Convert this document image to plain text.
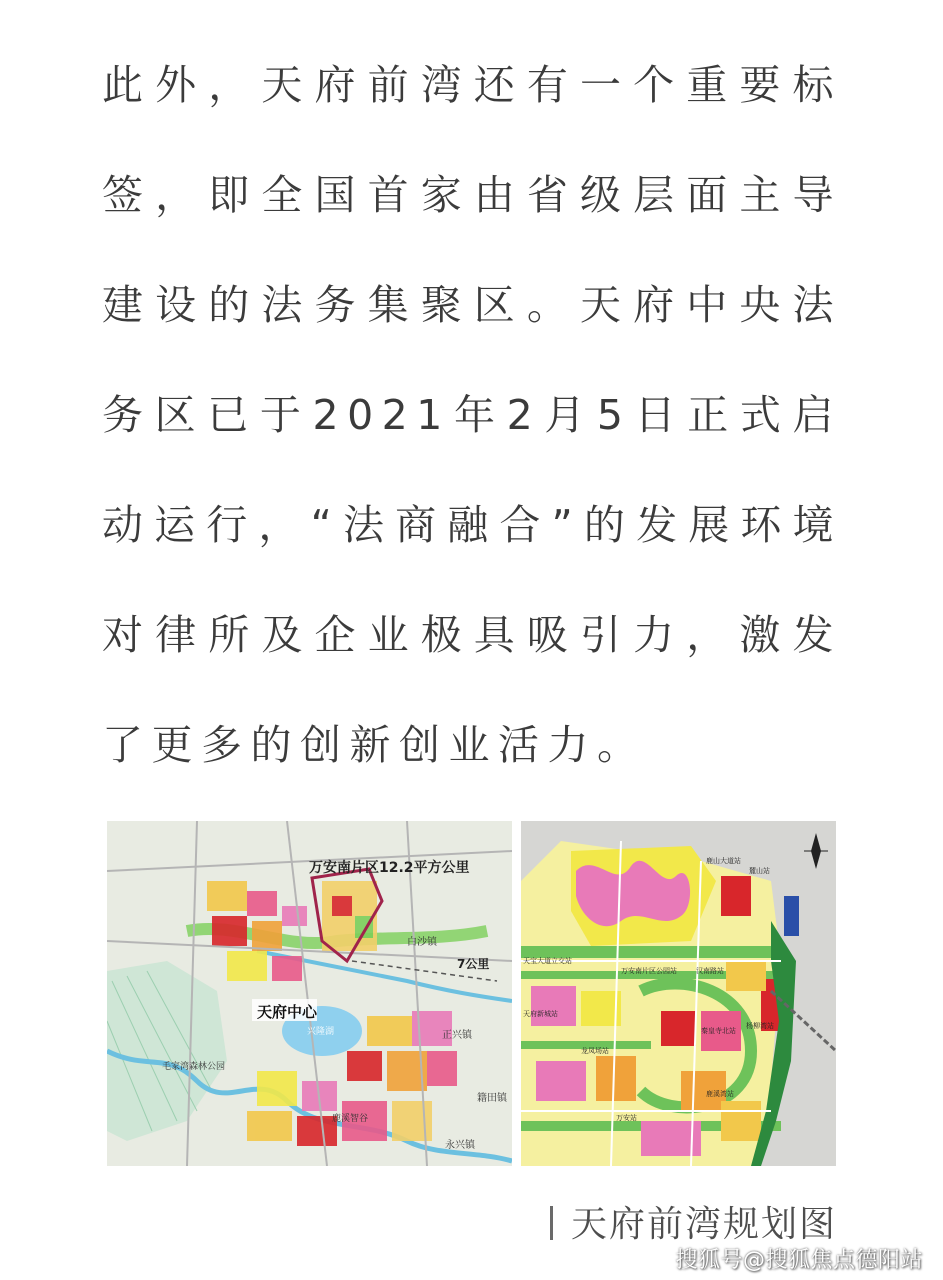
此外，天府前湾还有一个重要标签，即全国首家由省级层面主导建设的法务集聚区。天府中央法务区已于2021年2月5日正式启动运行，“法商融合”的发展环境对律所及企业极具吸引力，激发了更多的创新创业活力。
万安南片区12.2平方公里
天府中心
7公里
白沙镇
正兴镇
籍田镇
兴隆湖
永兴镇
鹿溪智谷
毛家湾森林公园
天宝大道立交站
万安南片区公园站	汉南路站
秦皇寺北站
天府新城站
鹿山大道站
麓山站
杨柳湾站
龙凤场站
鹿溪湾站
万安站
天府前湾规划图
搜狐号@搜狐焦点德阳站
